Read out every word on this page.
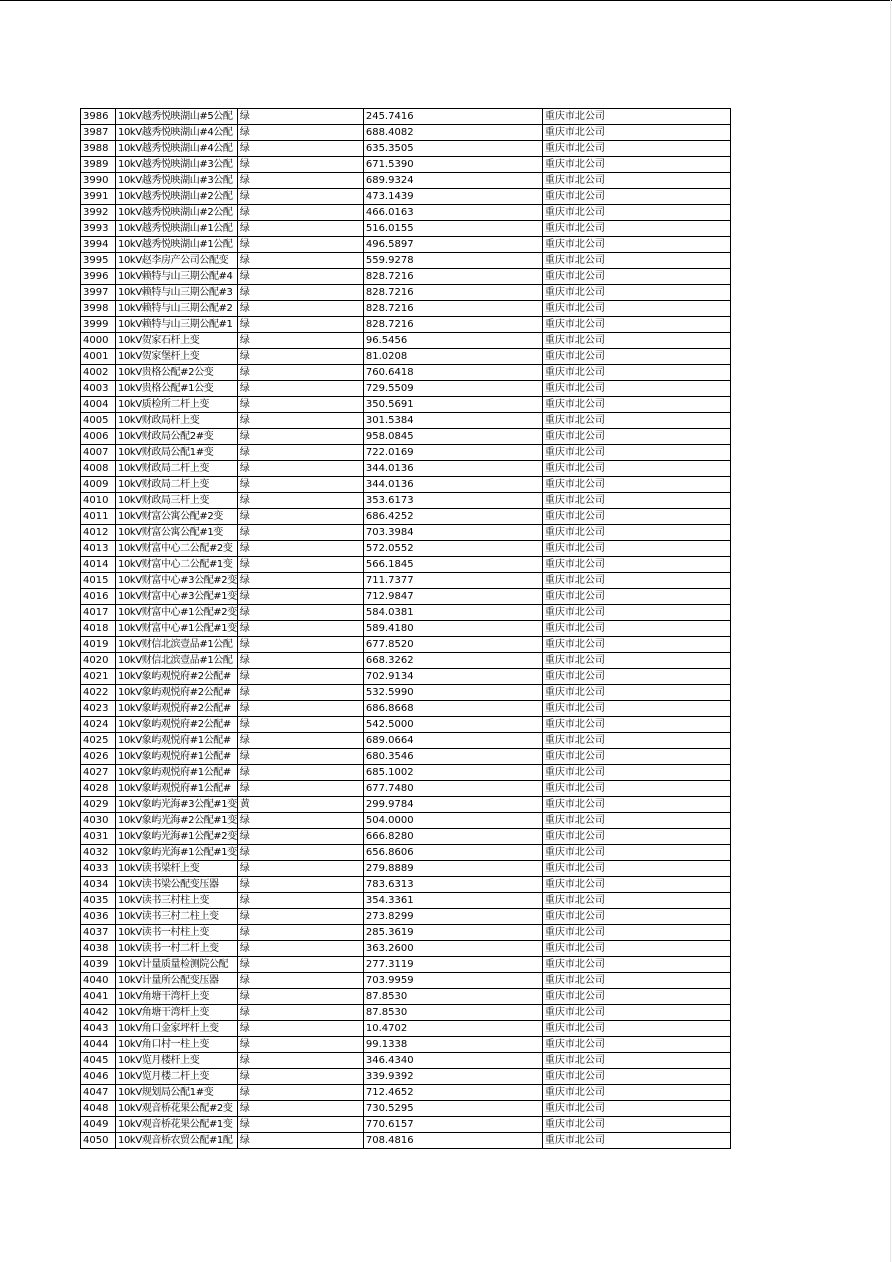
3986	10kV越秀悦映湖山#5公配	绿	245.7416	重庆市北公司
3987	10kV越秀悦映湖山#4公配	绿	688.4082	重庆市北公司
3988	10kV越秀悦映湖山#4公配	绿	635.3505	重庆市北公司
3989	10kV越秀悦映湖山#3公配	绿	671.5390	重庆市北公司
3990	10kV越秀悦映湖山#3公配	绿	689.9324	重庆市北公司
3991	10kV越秀悦映湖山#2公配	绿	473.1439	重庆市北公司
3992	10kV越秀悦映湖山#2公配	绿	466.0163	重庆市北公司
3993	10kV越秀悦映湖山#1公配	绿	516.0155	重庆市北公司
3994	10kV越秀悦映湖山#1公配	绿	496.5897	重庆市北公司
3995	10kV赵李房产公司公配变	绿	559.9278	重庆市北公司
3996	10kV赖特与山三期公配#4	绿	828.7216	重庆市北公司
3997	10kV赖特与山三期公配#3	绿	828.7216	重庆市北公司
3998	10kV赖特与山三期公配#2	绿	828.7216	重庆市北公司
3999	10kV赖特与山三期公配#1	绿	828.7216	重庆市北公司
4000	10kV贺家石杆上变	绿	96.5456	重庆市北公司
4001	10kV贺家堡杆上变	绿	81.0208	重庆市北公司
4002	10kV贵格公配#2公变	绿	760.6418	重庆市北公司
4003	10kV贵格公配#1公变	绿	729.5509	重庆市北公司
4004	10kV质检所二杆上变	绿	350.5691	重庆市北公司
4005	10kV财政局杆上变	绿	301.5384	重庆市北公司
4006	10kV财政局公配2#变	绿	958.0845	重庆市北公司
4007	10kV财政局公配1#变	绿	722.0169	重庆市北公司
4008	10kV财政局二杆上变	绿	344.0136	重庆市北公司
4009	10kV财政局二杆上变	绿	344.0136	重庆市北公司
4010	10kV财政局三杆上变	绿	353.6173	重庆市北公司
4011	10kV财富公寓公配#2变	绿	686.4252	重庆市北公司
4012	10kV财富公寓公配#1变	绿	703.3984	重庆市北公司
4013	10kV财富中心二公配#2变	绿	572.0552	重庆市北公司
4014	10kV财富中心二公配#1变	绿	566.1845	重庆市北公司
4015	10kV财富中心#3公配#2变	绿	711.7377	重庆市北公司
4016	10kV财富中心#3公配#1变	绿	712.9847	重庆市北公司
4017	10kV财富中心#1公配#2变	绿	584.0381	重庆市北公司
4018	10kV财富中心#1公配#1变	绿	589.4180	重庆市北公司
4019	10kV财信北滨壹品#1公配	绿	677.8520	重庆市北公司
4020	10kV财信北滨壹品#1公配	绿	668.3262	重庆市北公司
4021	10kV象屿观悦府#2公配#	绿	702.9134	重庆市北公司
4022	10kV象屿观悦府#2公配#	绿	532.5990	重庆市北公司
4023	10kV象屿观悦府#2公配#	绿	686.8668	重庆市北公司
4024	10kV象屿观悦府#2公配#	绿	542.5000	重庆市北公司
4025	10kV象屿观悦府#1公配#	绿	689.0664	重庆市北公司
4026	10kV象屿观悦府#1公配#	绿	680.3546	重庆市北公司
4027	10kV象屿观悦府#1公配#	绿	685.1002	重庆市北公司
4028	10kV象屿观悦府#1公配#	绿	677.7480	重庆市北公司
4029	10kV象屿光海#3公配#1变	黄	299.9784	重庆市北公司
4030	10kV象屿光海#2公配#1变	绿	504.0000	重庆市北公司
4031	10kV象屿光海#1公配#2变	绿	666.8280	重庆市北公司
4032	10kV象屿光海#1公配#1变	绿	656.8606	重庆市北公司
4033	10kV读书梁杆上变	绿	279.8889	重庆市北公司
4034	10kV读书梁公配变压器	绿	783.6313	重庆市北公司
4035	10kV读书三村柱上变	绿	354.3361	重庆市北公司
4036	10kV读书三村二柱上变	绿	273.8299	重庆市北公司
4037	10kV读书一村柱上变	绿	285.3619	重庆市北公司
4038	10kV读书一村二杆上变	绿	363.2600	重庆市北公司
4039	10kV计量质量检测院公配	绿	277.3119	重庆市北公司
4040	10kV计量所公配变压器	绿	703.9959	重庆市北公司
4041	10kV角塘干湾杆上变	绿	87.8530	重庆市北公司
4042	10kV角塘干湾杆上变	绿	87.8530	重庆市北公司
4043	10kV角口金家坪杆上变	绿	10.4702	重庆市北公司
4044	10kV角口村一柱上变	绿	99.1338	重庆市北公司
4045	10kV览月楼杆上变	绿	346.4340	重庆市北公司
4046	10kV览月楼二杆上变	绿	339.9392	重庆市北公司
4047	10kV规划局公配1#变	绿	712.4652	重庆市北公司
4048	10kV观音桥花果公配#2变	绿	730.5295	重庆市北公司
4049	10kV观音桥花果公配#1变	绿	770.6157	重庆市北公司
4050	10kV观音桥农贸公配#1配	绿	708.4816	重庆市北公司
